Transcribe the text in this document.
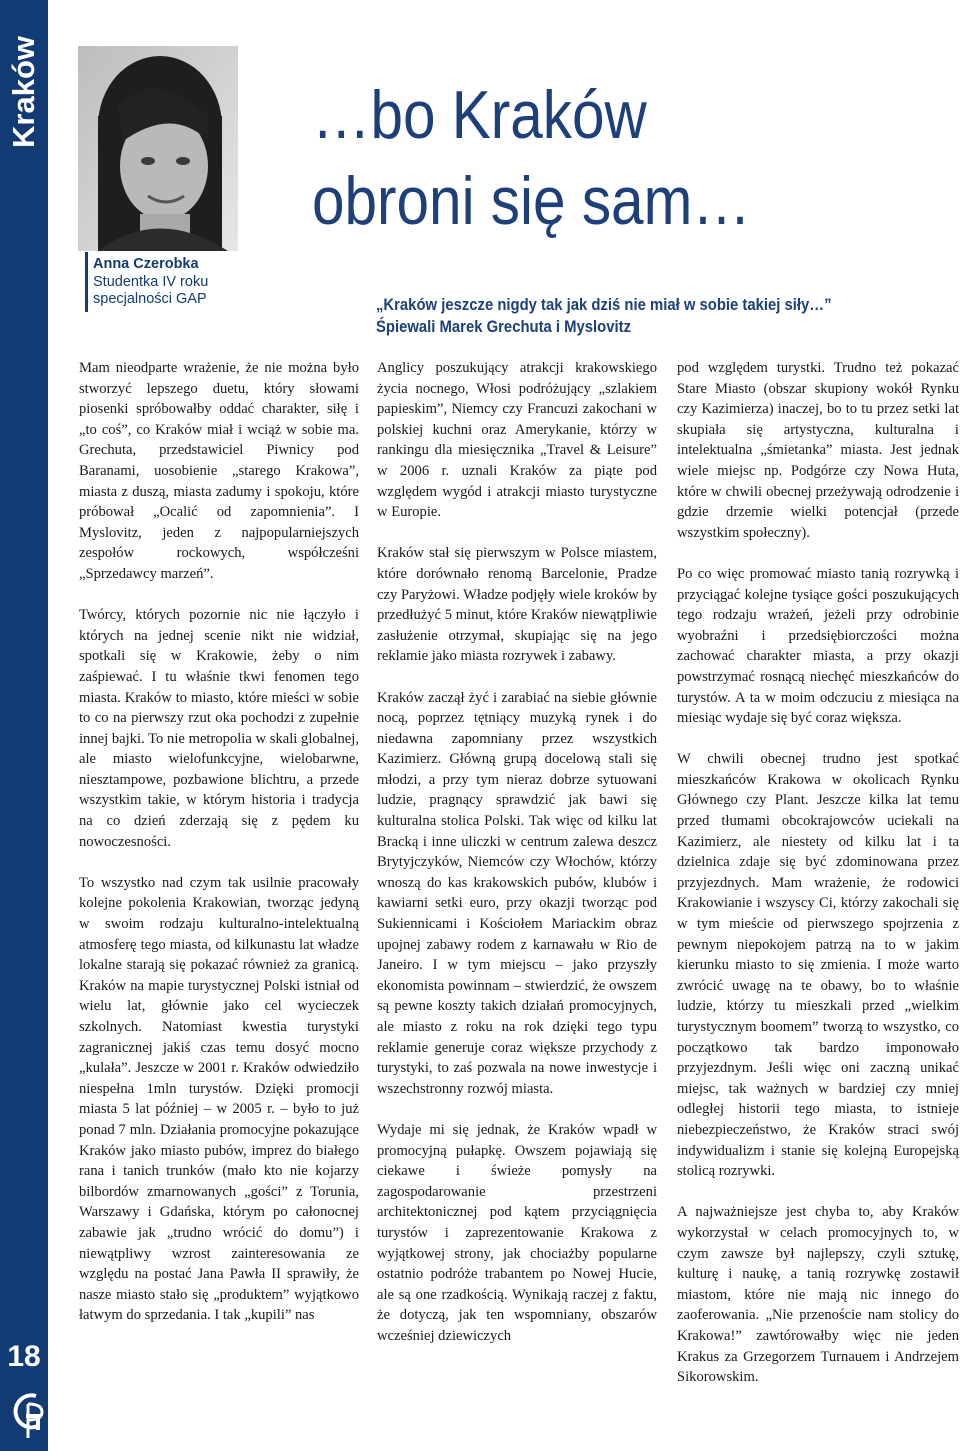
Kraków
18
Anna Czerobka
Studentka IV roku specjalności GAP
…bo Kraków
obroni się sam…
„Kraków jeszcze nigdy tak jak dziś nie miał w sobie takiej siły…”
Śpiewali Marek Grechuta i Myslovitz

Mam nieodparte wrażenie, że nie można było stworzyć lepszego duetu, który słowami piosenki spróbowałby oddać charakter, siłę i „to coś”, co Kraków miał i wciąż w sobie ma. Grechuta, przedstawiciel Piwnicy pod Baranami, uosobienie „starego Krakowa”, miasta z duszą, miasta zadumy i spokoju, które próbował „Ocalić od zapomnienia”. I Myslovitz, jeden z najpopularniejszych zespołów rockowych, współcześni „Sprzedawcy marzeń”.

Twórcy, których pozornie nic nie łączyło i których na jednej scenie nikt nie widział, spotkali się w Krakowie, żeby o nim zaśpiewać. I tu właśnie tkwi fenomen tego miasta. Kraków to miasto, które mieści w sobie to co na pierwszy rzut oka pochodzi z zupełnie innej bajki. To nie metropolia w skali globalnej, ale miasto wielofunkcyjne, wielobarwne, niesztampowe, pozbawione blichtru, a przede wszystkim takie, w którym historia i tradycja na co dzień zderzają się z pędem ku nowoczesności.

To wszystko nad czym tak usilnie pracowały kolejne pokolenia Krakowian, tworząc jedyną w swoim rodzaju kulturalno-intelektualną atmosferę tego miasta, od kilkunastu lat władze lokalne starają się pokazać również za granicą. Kraków na mapie turystycznej Polski istniał od wielu lat, głównie jako cel wycieczek szkolnych. Natomiast kwestia turystyki zagranicznej jakiś czas temu dosyć mocno „kulała”. Jeszcze w 2001 r. Kraków odwiedziło niespełna 1mln turystów. Dzięki promocji miasta 5 lat później – w 2005 r. – było to już ponad 7 mln. Działania promocyjne pokazujące Kraków jako miasto pubów, imprez do białego rana i tanich trunków (mało kto nie kojarzy bilbordów zmarnowanych „gości” z Torunia, Warszawy i Gdańska, którym po całonocnej zabawie jak „trudno wrócić do domu”) i niewątpliwy wzrost zainteresowania ze względu na postać Jana Pawła II sprawiły, że nasze miasto stało się „produktem” wyjątkowo łatwym do sprzedania. I tak „kupili” nas

Anglicy poszukujący atrakcji krakowskiego życia nocnego, Włosi podróżujący „szlakiem papieskim”, Niemcy czy Francuzi zakochani w polskiej kuchni oraz Amerykanie, którzy w rankingu dla miesięcznika „Travel & Leisure” w 2006 r. uznali Kraków za piąte pod względem wygód i atrakcji miasto turystyczne w Europie.

Kraków stał się pierwszym w Polsce miastem, które dorównało renomą Barcelonie, Pradze czy Paryżowi. Władze podjęły wiele kroków by przedłużyć 5 minut, które Kraków niewątpliwie zasłużenie otrzymał, skupiając się na jego reklamie jako miasta rozrywek i zabawy.

Kraków zaczął żyć i zarabiać na siebie głównie nocą, poprzez tętniący muzyką rynek i do niedawna zapomniany przez wszystkich Kazimierz. Główną grupą docelową stali się młodzi, a przy tym nieraz dobrze sytuowani ludzie, pragnący sprawdzić jak bawi się kulturalna stolica Polski. Tak więc od kilku lat Bracką i inne uliczki w centrum zalewa deszcz Brytyjczyków, Niemców czy Włochów, którzy wnoszą do kas krakowskich pubów, klubów i kawiarni setki euro, przy okazji tworząc pod Sukiennicami i Kościołem Mariackim obraz upojnej zabawy rodem z karnawału w Rio de Janeiro. I w tym miejscu – jako przyszły ekonomista powinnam – stwierdzić, że owszem są pewne koszty takich działań promocyjnych, ale miasto z roku na rok dzięki tego typu reklamie generuje coraz większe przychody z turystyki, to zaś pozwala na nowe inwestycje i wszechstronny rozwój miasta.

Wydaje mi się jednak, że Kraków wpadł w promocyjną pułapkę. Owszem pojawiają się ciekawe i świeże pomysły na zagospodarowanie przestrzeni architektonicznej pod kątem przyciągnięcia turystów i zaprezentowanie Krakowa z wyjątkowej strony, jak chociażby popularne ostatnio podróże trabantem po Nowej Hucie, ale są one rzadkością. Wynikają raczej z faktu, że dotyczą, jak ten wspomniany, obszarów wcześniej dziewiczych

pod względem turystki. Trudno też pokazać Stare Miasto (obszar skupiony wokół Rynku czy Kazimierza) inaczej, bo to tu przez setki lat skupiała się artystyczna, kulturalna i intelektualna „śmietanka” miasta. Jest jednak wiele miejsc np. Podgórze czy Nowa Huta, które w chwili obecnej przeżywają odrodzenie i gdzie drzemie wielki potencjał (przede wszystkim społeczny).

Po co więc promować miasto tanią rozrywką i przyciągać kolejne tysiące gości poszukujących tego rodzaju wrażeń, jeżeli przy odrobinie wyobraźni i przedsiębiorczości można zachować charakter miasta, a przy okazji powstrzymać rosnącą niechęć mieszkańców do turystów. A ta w moim odczuciu z miesiąca na miesiąc wydaje się być coraz większa.

W chwili obecnej trudno jest spotkać mieszkańców Krakowa w okolicach Rynku Głównego czy Plant. Jeszcze kilka lat temu przed tłumami obcokrajowców uciekali na Kazimierz, ale niestety od kilku lat i ta dzielnica zdaje się być zdominowana przez przyjezdnych. Mam wrażenie, że rodowici Krakowianie i wszyscy Ci, którzy zakochali się w tym mieście od pierwszego spojrzenia z pewnym niepokojem patrzą na to w jakim kierunku miasto to się zmienia. I może warto zwrócić uwagę na te obawy, bo to właśnie ludzie, którzy tu mieszkali przed „wielkim turystycznym boomem” tworzą to wszystko, co początkowo tak bardzo imponowało przyjezdnym. Jeśli więc oni zaczną unikać miejsc, tak ważnych w bardziej czy mniej odległej historii tego miasta, to istnieje niebezpieczeństwo, że Kraków straci swój indywidualizm i stanie się kolejną Europejską stolicą rozrywki.

A najważniejsze jest chyba to, aby Kraków wykorzystał w celach promocyjnych to, w czym zawsze był najlepszy, czyli sztukę, kulturę i naukę, a tanią rozrywkę zostawił miastom, które nie mają nic innego do zaoferowania. „Nie przenoście nam stolicy do Krakowa!” zawtórowałby więc nie jeden Krakus za Grzegorzem Turnauem i Andrzejem Sikorowskim.
